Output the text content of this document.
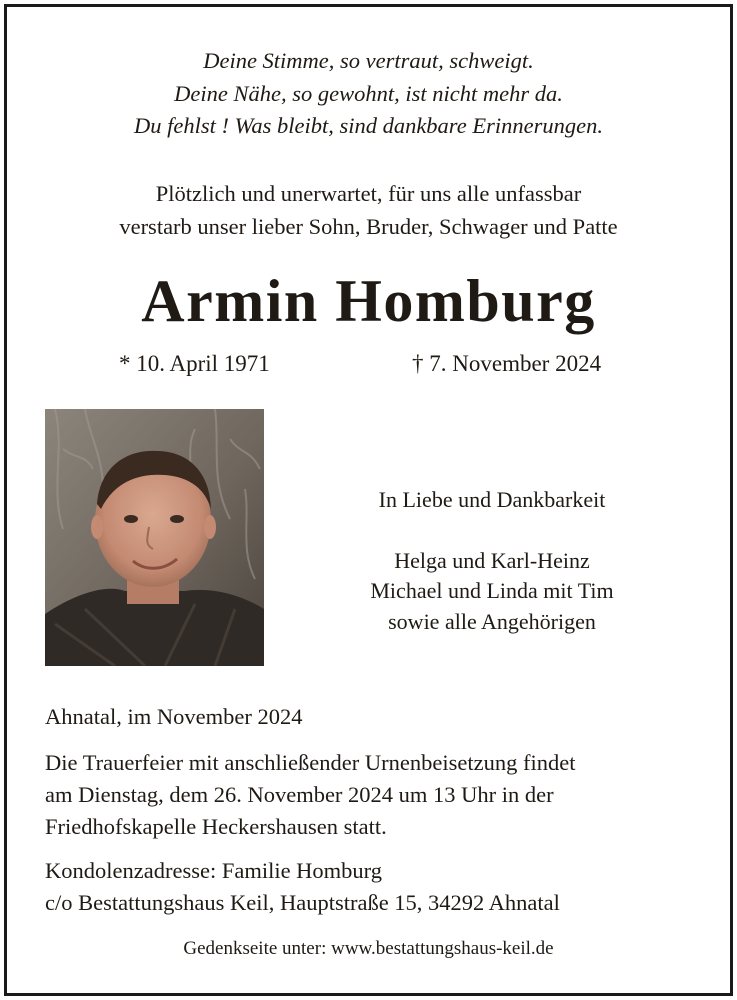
Deine Stimme, so vertraut, schweigt.
Deine Nähe, so gewohnt, ist nicht mehr da.
Du fehlst ! Was bleibt, sind dankbare Erinnerungen.
Plötzlich und unerwartet, für uns alle unfassbar
verstarb unser lieber Sohn, Bruder, Schwager und Patte
Armin Homburg
* 10. April 1971	† 7. November 2024
In Liebe und Dankbarkeit
Helga und Karl-Heinz
Michael und Linda mit Tim
sowie alle Angehörigen
Ahnatal, im November 2024
Die Trauerfeier mit anschließender Urnenbeisetzung findet
am Dienstag, dem 26. November 2024 um 13 Uhr in der
Friedhofskapelle Heckershausen statt.
Kondolenzadresse: Familie Homburg
c/o Bestattungshaus Keil, Hauptstraße 15, 34292 Ahnatal
Gedenkseite unter: www.bestattungshaus-keil.de
